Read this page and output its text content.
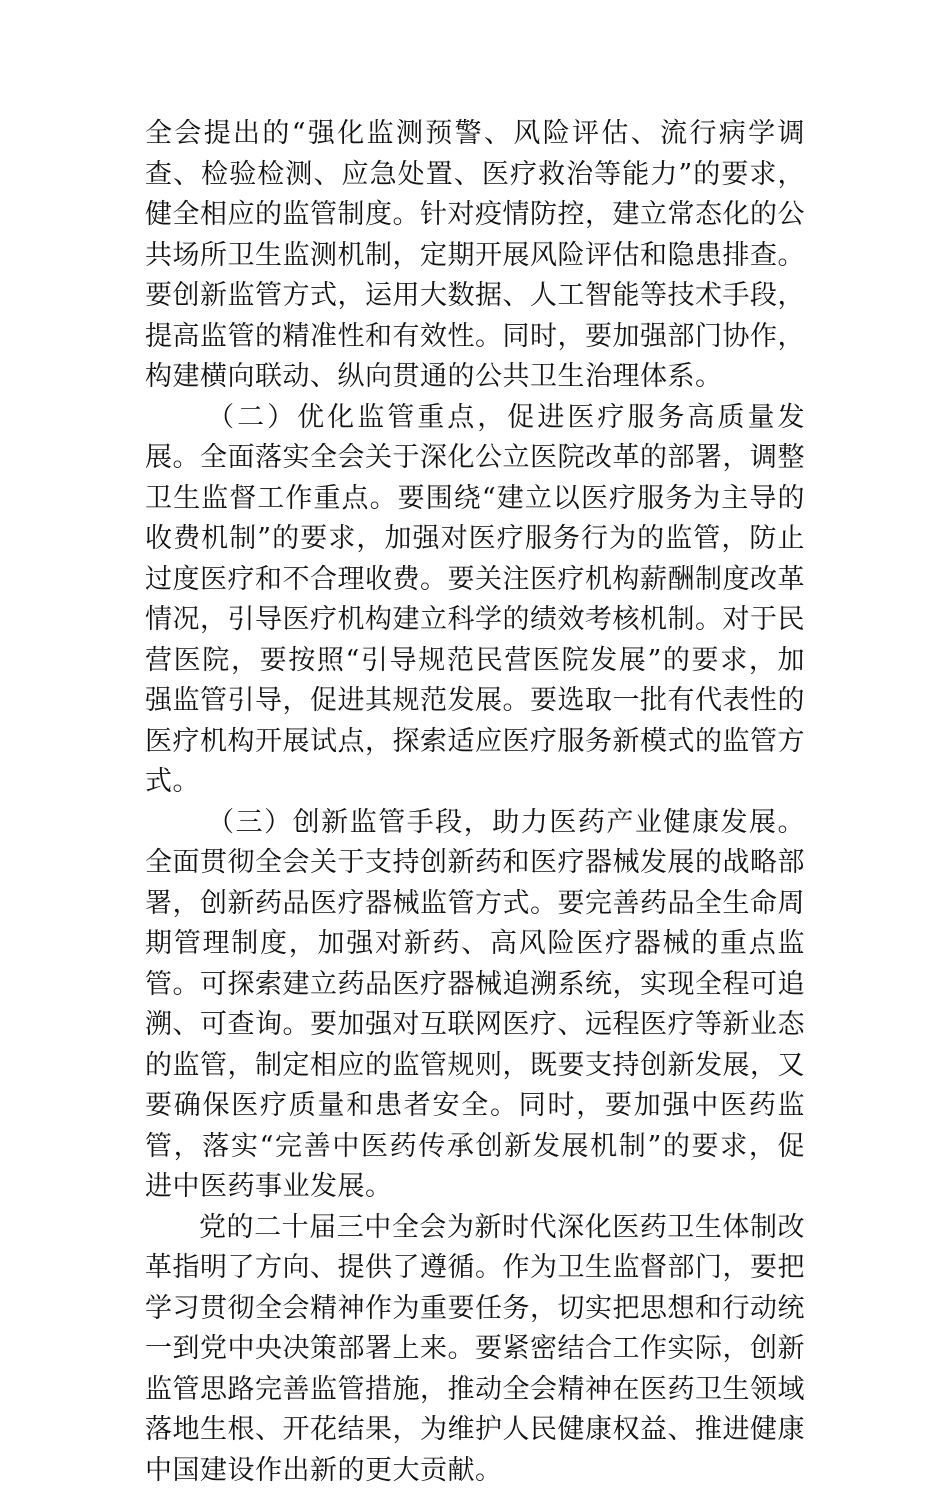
全会提出的“强化监测预警、风险评估、流行病学调查、检验检测、应急处置、医疗救治等能力”的要求，健全相应的监管制度。针对疫情防控，建立常态化的公共场所卫生监测机制，定期开展风险评估和隐患排查。要创新监管方式，运用大数据、人工智能等技术手段，提高监管的精准性和有效性。同时，要加强部门协作，构建横向联动、纵向贯通的公共卫生治理体系。

（二）优化监管重点，促进医疗服务高质量发展。全面落实全会关于深化公立医院改革的部署，调整卫生监督工作重点。要围绕“建立以医疗服务为主导的收费机制”的要求，加强对医疗服务行为的监管，防止过度医疗和不合理收费。要关注医疗机构薪酬制度改革情况，引导医疗机构建立科学的绩效考核机制。对于民营医院，要按照“引导规范民营医院发展”的要求，加强监管引导，促进其规范发展。要选取一批有代表性的医疗机构开展试点，探索适应医疗服务新模式的监管方式。

（三）创新监管手段，助力医药产业健康发展。全面贯彻全会关于支持创新药和医疗器械发展的战略部署，创新药品医疗器械监管方式。要完善药品全生命周期管理制度，加强对新药、高风险医疗器械的重点监管。可探索建立药品医疗器械追溯系统，实现全程可追溯、可查询。要加强对互联网医疗、远程医疗等新业态的监管，制定相应的监管规则，既要支持创新发展，又要确保医疗质量和患者安全。同时，要加强中医药监管，落实“完善中医药传承创新发展机制”的要求，促进中医药事业发展。

党的二十届三中全会为新时代深化医药卫生体制改革指明了方向、提供了遵循。作为卫生监督部门，要把学习贯彻全会精神作为重要任务，切实把思想和行动统一到党中央决策部署上来。要紧密结合工作实际，创新监管思路完善监管措施，推动全会精神在医药卫生领域落地生根、开花结果，为维护人民健康权益、推进健康中国建设作出新的更大贡献。
